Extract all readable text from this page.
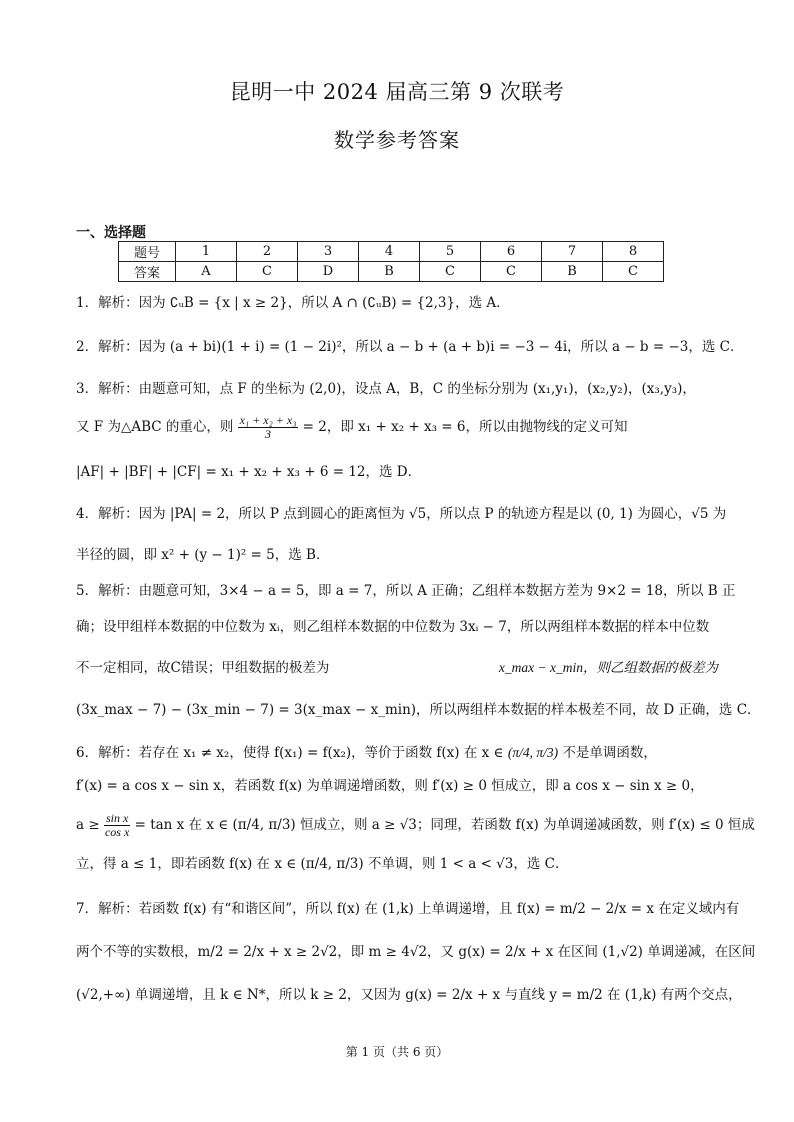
昆明一中 2024 届高三第 9 次联考
数学参考答案
一、选择题
题号	1	2	3	4	5	6	7	8
答案	A	C	D	B	C	C	B	C
1．解析：因为 ∁ᵤB = {x | x ≥ 2}，所以 A ∩ (∁ᵤB) = {2,3}，选 A．
2．解析：因为 (a + bi)(1 + i) = (1 − 2i)²，所以 a − b + (a + b)i = −3 − 4i，所以 a − b = −3，选 C．
3．解析：由题意可知，点 F 的坐标为 (2,0)，设点 A，B，C 的坐标分别为 (x₁,y₁)，(x₂,y₂)，(x₃,y₃)，
又 F 为△ABC 的重心，则 $\frac{\text{x₁ + x₂ + x₃}}{3} = 2$，即 x₁ + x₂ + x₃ = 6，所以由抛物线的定义可知
|AF| + |BF| + |CF| = x₁ + x₂ + x₃ + 6 = 12，选 D．
4．解析：因为 |PA| = 2，所以 P 点到圆心的距离恒为 √5，所以点 P 的轨迹方程是以 (0, 1) 为圆心，√5 为
半径的圆，即 x² + (y − 1)² = 5，选 B．
5．解析：由题意可知，3×4 − a = 5，即 a = 7，所以 A 正确；乙组样本数据方差为 9×2 = 18，所以 B 正
确；设甲组样本数据的中位数为 xᵢ，则乙组样本数据的中位数为 3xᵢ − 7，所以两组样本数据的样本中位数
不一定相同，故C错误；甲组数据的极差为	x_max − x_min，则乙组数据的极差为
(3x_max − 7) − (3x_min − 7) = 3(x_max − x_min)，所以两组样本数据的样本极差不同，故 D 正确，选 C．
6．解析：若存在 x₁ ≠ x₂，使得 f(x₁) = f(x₂)，等价于函数 f(x) 在 x ∈ (π/4, π/3) 不是单调函数，
f′(x) = a cos x − sin x，若函数 f(x) 为单调递增函数，则 f′(x) ≥ 0 恒成立，即 a cos x − sin x ≥ 0，
$a \ge \frac{\text{sin x}}{\text{cos x}} = \tan x$ 在 x ∈ (π/4, π/3) 恒成立，则 a ≥ √3；同理，若函数 f(x) 为单调递减函数，则 f′(x) ≤ 0 恒成
立，得 a ≤ 1，即若函数 f(x) 在 x ∈ (π/4, π/3) 不单调，则 1 < a < √3，选 C．
7．解析：若函数 f(x) 有“和谐区间”，所以 f(x) 在 (1,k) 上单调递增，且 f(x) = m/2 − 2/x = x 在定义域内有
两个不等的实数根，m/2 = 2/x + x ≥ 2√2，即 m ≥ 4√2，又 g(x) = 2/x + x 在区间 (1,√2) 单调递减，在区间
(√2,+∞) 单调递增，且 k ∈ N*，所以 k ≥ 2，又因为 g(x) = 2/x + x 与直线 y = m/2 在 (1,k) 有两个交点，
第 1 页（共 6 页）
